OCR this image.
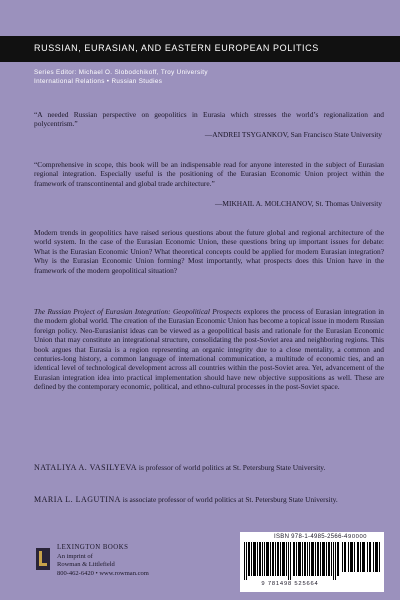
RUSSIAN, EURASIAN, AND EASTERN EUROPEAN POLITICS
Series Editor: Michael O. Slobodchikoff, Troy University
International Relations • Russian Studies
“A needed Russian perspective on geopolitics in Eurasia which stresses the world’s regionalization and polycentrism.”
—ANDREI TSYGANKOV, San Francisco State University
“Comprehensive in scope, this book will be an indispensable read for anyone interested in the subject of Eurasian regional integration. Especially useful is the positioning of the Eurasian Economic Union project within the framework of transcontinental and global trade architecture.”
—MIKHAIL A. MOLCHANOV, St. Thomas University
Modern trends in geopolitics have raised serious questions about the future global and regional architecture of the world system. In the case of the Eurasian Economic Union, these questions bring up important issues for debate: What is the Eurasian Economic Union? What theoretical concepts could be applied for modern Eurasian integration? Why is the Eurasian Economic Union forming? Most importantly, what prospects does this Union have in the framework of the modern geopolitical situation?
The Russian Project of Eurasian Integration: Geopolitical Prospects explores the process of Eurasian integration in the modern global world. The creation of the Eurasian Economic Union has become a topical issue in modern Russian foreign policy. Neo-Eurasianist ideas can be viewed as a geopolitical basis and rationale for the Eurasian Economic Union that may constitute an integrational structure, consolidating the post-Soviet area and neighboring regions. This book argues that Eurasia is a region representing an organic integrity due to a close mentality, a common and centuries-long history, a common language of international communication, a multitude of economic ties, and an identical level of technological development across all countries within the post-Soviet area. Yet, advancement of the Eurasian integration idea into practical implementation should have new objective suppositions as well. These are defined by the contemporary economic, political, and ethno-cultural processes in the post-Soviet space.
NATALIYA A. VASILYEVA is professor of world politics at St. Petersburg State University.
MARIA L. LAGUTINA is associate professor of world politics at St. Petersburg State University.
LEXINGTON BOOKS
An imprint of
Rowman & Littlefield
800-462-6420 • www.rowman.com
ISBN 978-1-4985-2566-4 90000
9 781498 525664
